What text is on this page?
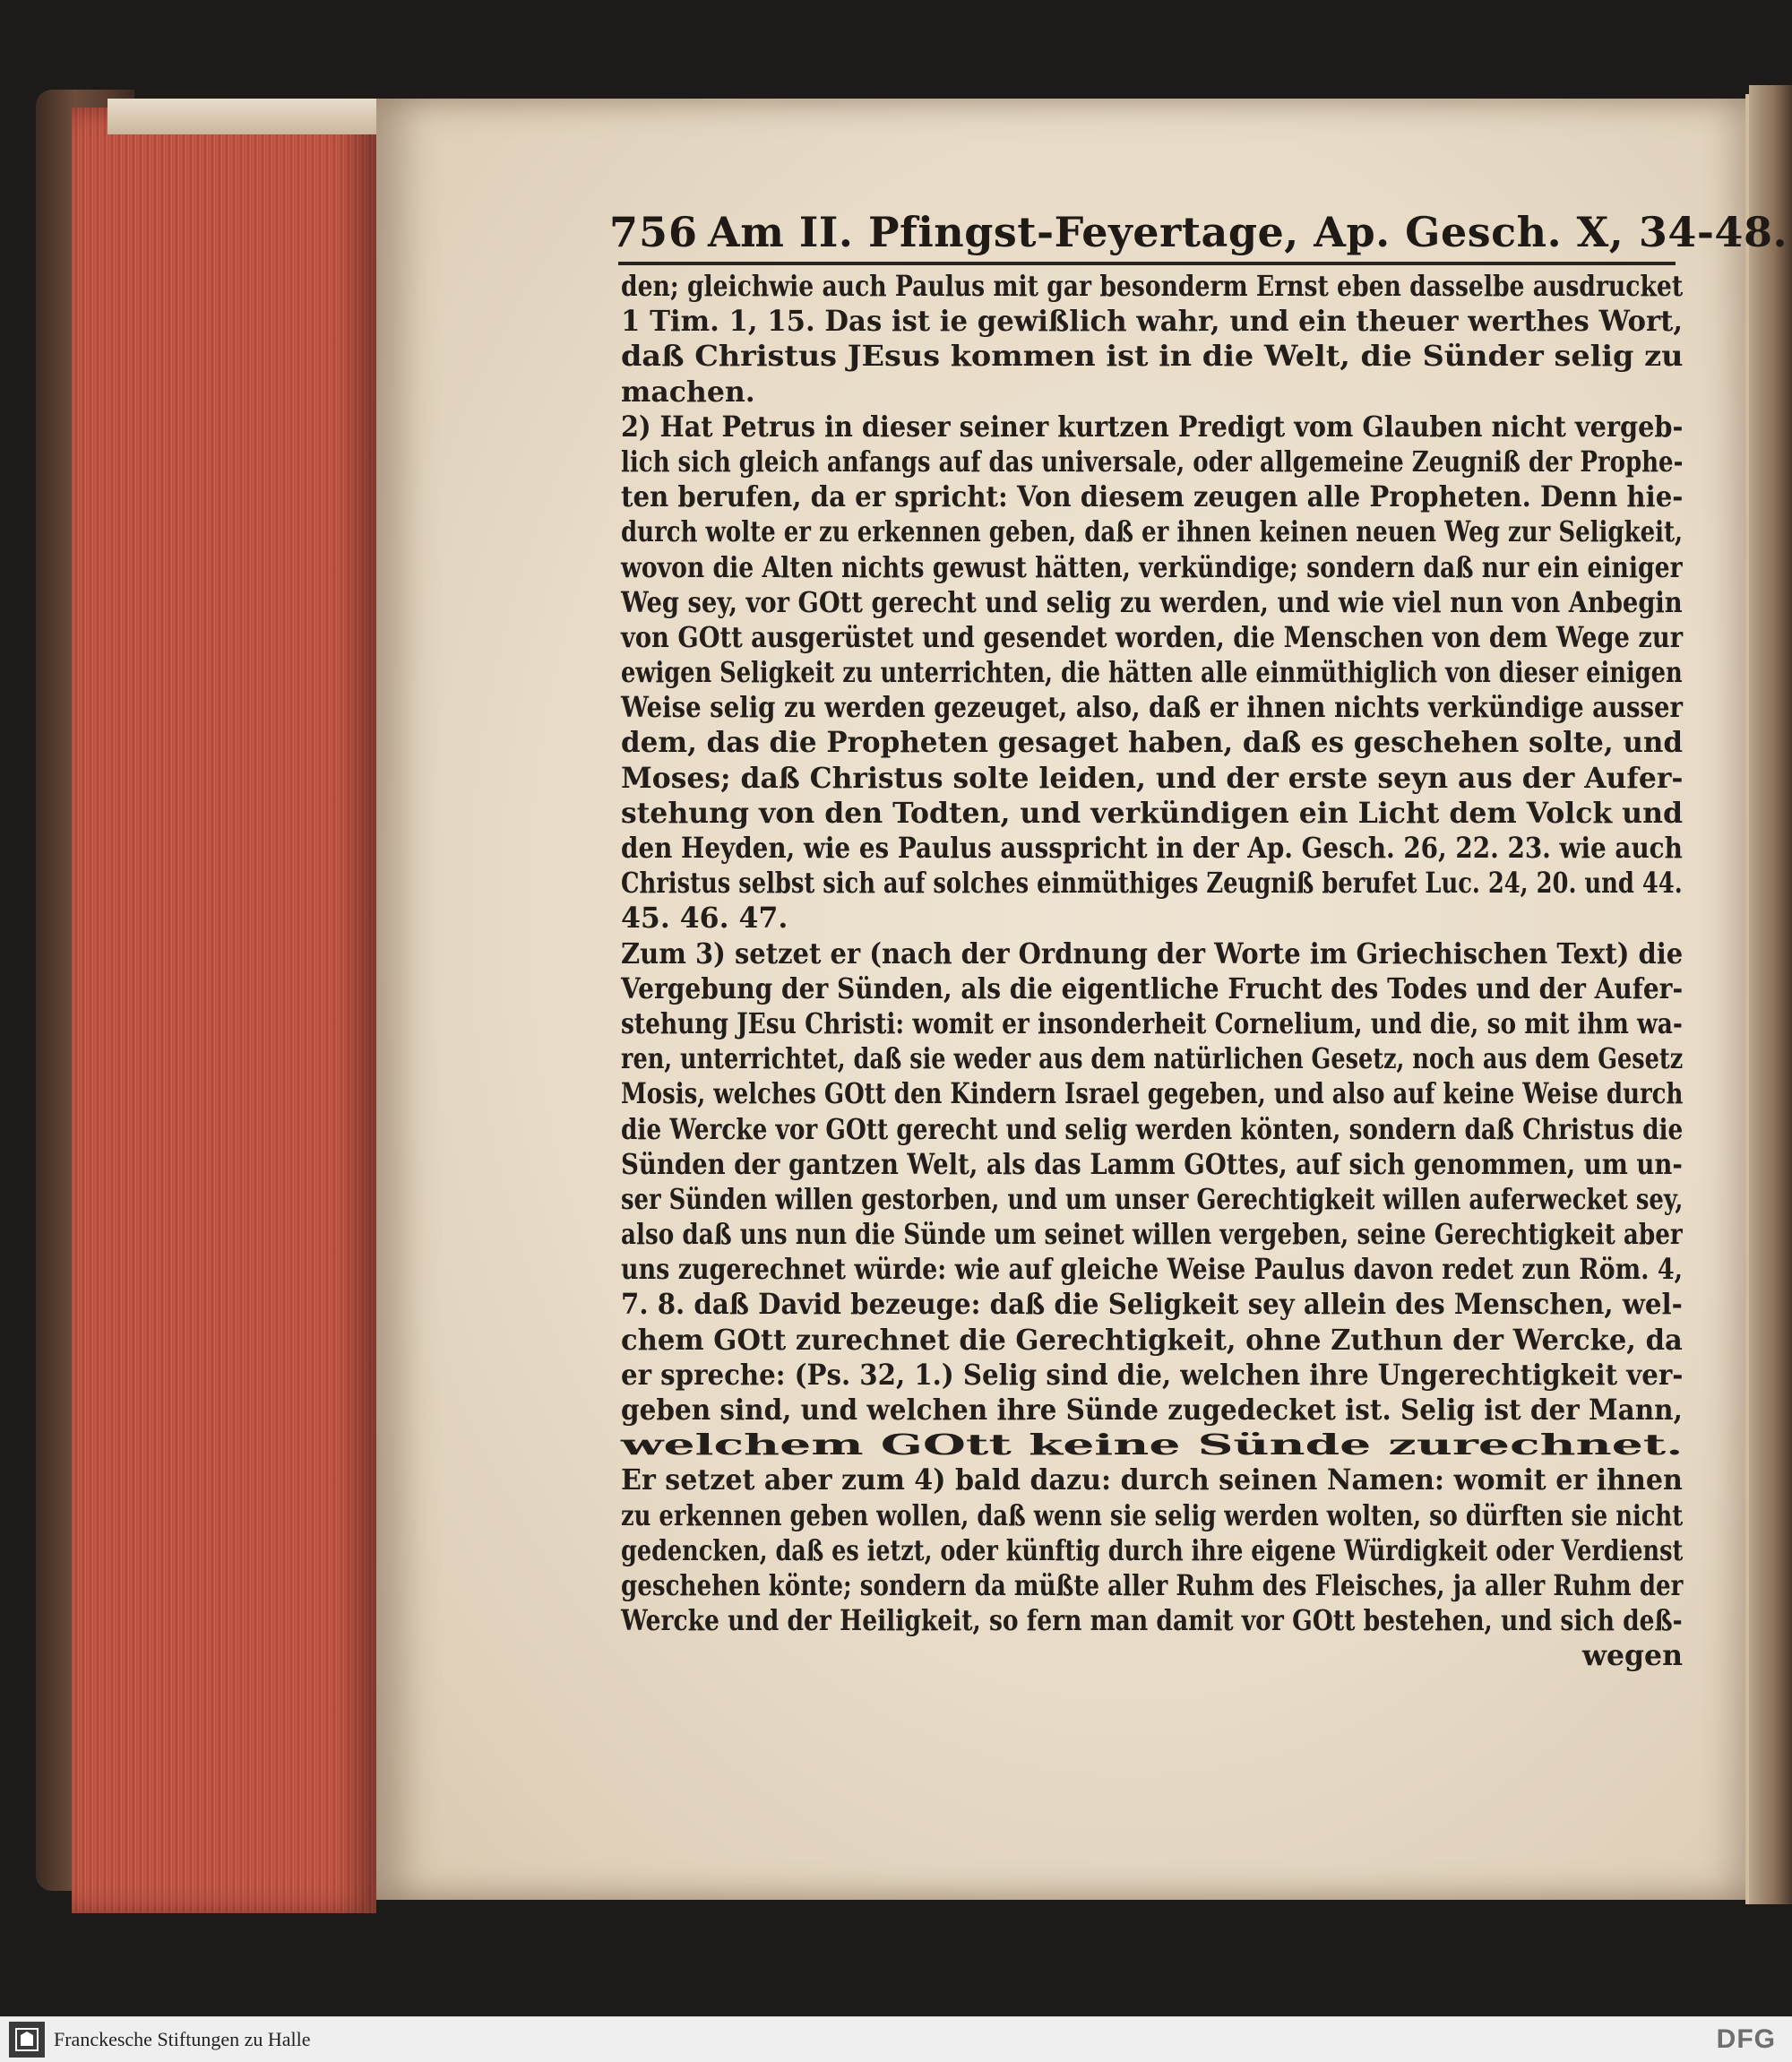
756 Am II. Pfingst-Feyertage, Ap. Gesch. X, 34-48.
den; gleichwie auch Paulus mit gar besonderm Ernst eben dasselbe ausdrucket
1 Tim. 1, 15. Das ist ie gewißlich wahr, und ein theuer werthes Wort,
daß Christus JEsus kommen ist in die Welt, die Sünder selig zu
machen.
2) Hat Petrus in dieser seiner kurtzen Predigt vom Glauben nicht vergeb-
lich sich gleich anfangs auf das universale, oder allgemeine Zeugniß der Prophe-
ten berufen, da er spricht: Von diesem zeugen alle Propheten. Denn hie-
durch wolte er zu erkennen geben, daß er ihnen keinen neuen Weg zur Seligkeit,
wovon die Alten nichts gewust hätten, verkündige; sondern daß nur ein einiger
Weg sey, vor GOtt gerecht und selig zu werden, und wie viel nun von Anbegin
von GOtt ausgerüstet und gesendet worden, die Menschen von dem Wege zur
ewigen Seligkeit zu unterrichten, die hätten alle einmüthiglich von dieser einigen
Weise selig zu werden gezeuget, also, daß er ihnen nichts verkündige ausser
dem, das die Propheten gesaget haben, daß es geschehen solte, und
Moses; daß Christus solte leiden, und der erste seyn aus der Aufer-
stehung von den Todten, und verkündigen ein Licht dem Volck und
den Heyden, wie es Paulus ausspricht in der Ap. Gesch. 26, 22. 23. wie auch
Christus selbst sich auf solches einmüthiges Zeugniß berufet Luc. 24, 20. und 44.
45. 46. 47.
Zum 3) setzet er (nach der Ordnung der Worte im Griechischen Text) die
Vergebung der Sünden, als die eigentliche Frucht des Todes und der Aufer-
stehung JEsu Christi: womit er insonderheit Cornelium, und die, so mit ihm wa-
ren, unterrichtet, daß sie weder aus dem natürlichen Gesetz, noch aus dem Gesetz
Mosis, welches GOtt den Kindern Israel gegeben, und also auf keine Weise durch
die Wercke vor GOtt gerecht und selig werden könten, sondern daß Christus die
Sünden der gantzen Welt, als das Lamm GOttes, auf sich genommen, um un-
ser Sünden willen gestorben, und um unser Gerechtigkeit willen auferwecket sey,
also daß uns nun die Sünde um seinet willen vergeben, seine Gerechtigkeit aber
uns zugerechnet würde: wie auf gleiche Weise Paulus davon redet zun Röm. 4,
7. 8. daß David bezeuge: daß die Seligkeit sey allein des Menschen, wel-
chem GOtt zurechnet die Gerechtigkeit, ohne Zuthun der Wercke, da
er spreche: (Ps. 32, 1.) Selig sind die, welchen ihre Ungerechtigkeit ver-
geben sind, und welchen ihre Sünde zugedecket ist. Selig ist der Mann,
welchem GOtt keine Sünde zurechnet.
Er setzet aber zum 4) bald dazu: durch seinen Namen: womit er ihnen
zu erkennen geben wollen, daß wenn sie selig werden wolten, so dürften sie nicht
gedencken, daß es ietzt, oder künftig durch ihre eigene Würdigkeit oder Verdienst
geschehen könte; sondern da müßte aller Ruhm des Fleisches, ja aller Ruhm der
Wercke und der Heiligkeit, so fern man damit vor GOtt bestehen, und sich deß-
wegen
Franckesche Stiftungen zu Halle	DFG
